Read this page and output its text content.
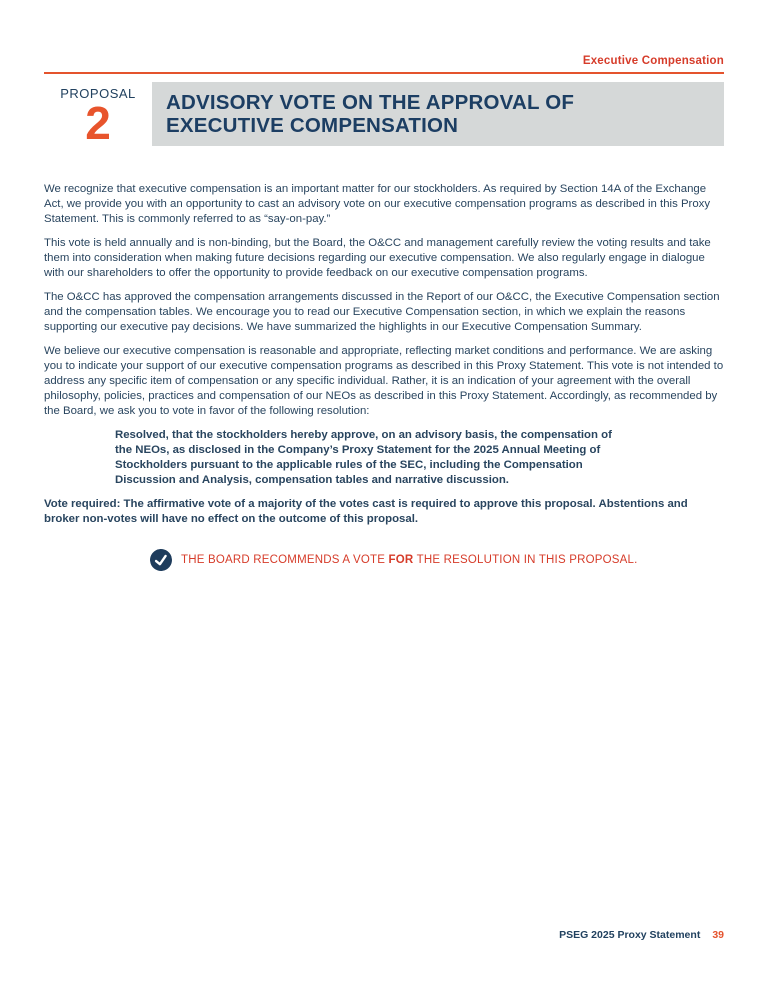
Executive Compensation
PROPOSAL
2	ADVISORY VOTE ON THE APPROVAL OF
EXECUTIVE COMPENSATION

We recognize that executive compensation is an important matter for our stockholders. As required by Section 14A of the Exchange Act, we provide you with an opportunity to cast an advisory vote on our executive compensation programs as described in this Proxy Statement. This is commonly referred to as “say-on-pay.”

This vote is held annually and is non-binding, but the Board, the O&CC and management carefully review the voting results and take them into consideration when making future decisions regarding our executive compensation. We also regularly engage in dialogue with our shareholders to offer the opportunity to provide feedback on our executive compensation programs.

The O&CC has approved the compensation arrangements discussed in the Report of our O&CC, the Executive Compensation section and the compensation tables. We encourage you to read our Executive Compensation section, in which we explain the reasons supporting our executive pay decisions. We have summarized the highlights in our Executive Compensation Summary.

We believe our executive compensation is reasonable and appropriate, reflecting market conditions and performance. We are asking you to indicate your support of our executive compensation programs as described in this Proxy Statement. This vote is not intended to address any specific item of compensation or any specific individual. Rather, it is an indication of your agreement with the overall philosophy, policies, practices and compensation of our NEOs as described in this Proxy Statement. Accordingly, as recommended by the Board, we ask you to vote in favor of the following resolution:

Resolved, that the stockholders hereby approve, on an advisory basis, the compensation of the NEOs, as disclosed in the Company’s Proxy Statement for the 2025 Annual Meeting of Stockholders pursuant to the applicable rules of the SEC, including the Compensation Discussion and Analysis, compensation tables and narrative discussion.

Vote required: The affirmative vote of a majority of the votes cast is required to approve this proposal. Abstentions and broker non-votes will have no effect on the outcome of this proposal.

THE BOARD RECOMMENDS A VOTE FOR THE RESOLUTION IN THIS PROPOSAL.
PSEG 2025 Proxy Statement 39
